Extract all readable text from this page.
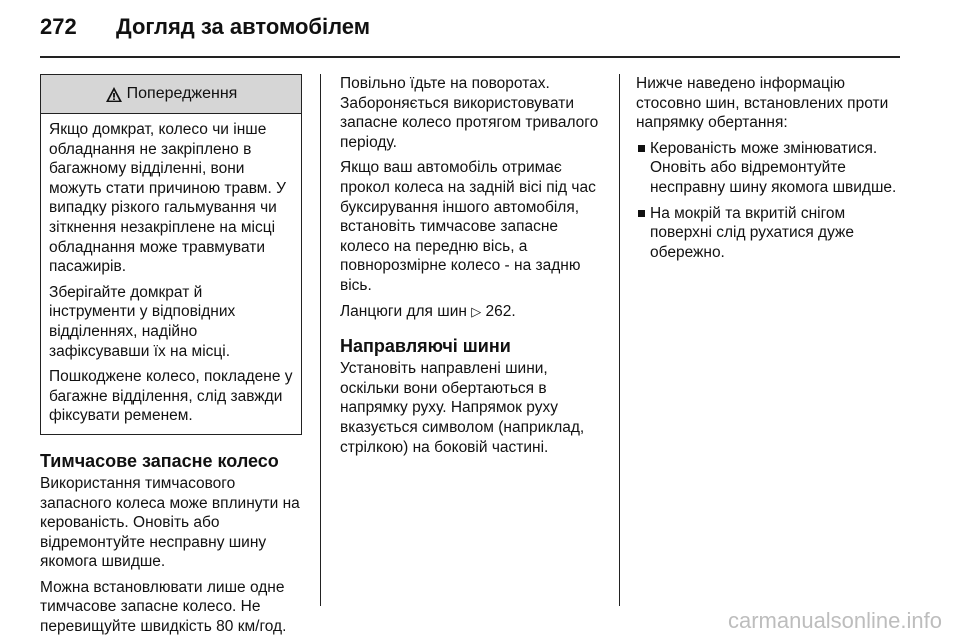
272 Догляд за автомобілем
Попередження

Якщо домкрат, колесо чи інше обладнання не закріплено в багажному відділенні, вони можуть стати причиною травм. У випадку різкого гальмування чи зіткнення незакріплене на місці обладнання може травмувати пасажирів.

Зберігайте домкрат й інструменти у відповідних відділеннях, надійно зафіксувавши їх на місці.

Пошкоджене колесо, покладене у багажне відділення, слід завжди фіксувати ременем.

Тимчасове запасне колесо

Використання тимчасового запасного колеса може вплинути на керованість. Оновіть або відремонтуйте несправну шину якомога швидше.

Можна встановлювати лише одне тимчасове запасне колесо. Не перевищуйте швидкість 80 км/год.

Повільно їдьте на поворотах. Забороняється використовувати запасне колесо протягом тривалого періоду.

Якщо ваш автомобіль отримає прокол колеса на задній вісі під час буксирування іншого автомобіля, встановіть тимчасове запасне колесо на передню вісь, а повнорозмірне колесо - на задню вісь.

Ланцюги для шин ▷ 262.

Направляючі шини

Установіть направлені шини, оскільки вони обертаються в напрямку руху. Напрямок руху вказується символом (наприклад, стрілкою) на боковій частині.

Нижче наведено інформацію стосовно шин, встановлених проти напрямку обертання:

Керованість може змінюватися. Оновіть або відремонтуйте несправну шину якомога швидше.
На мокрій та вкритій снігом поверхні слід рухатися дуже обережно.
carmanualsonline.info
